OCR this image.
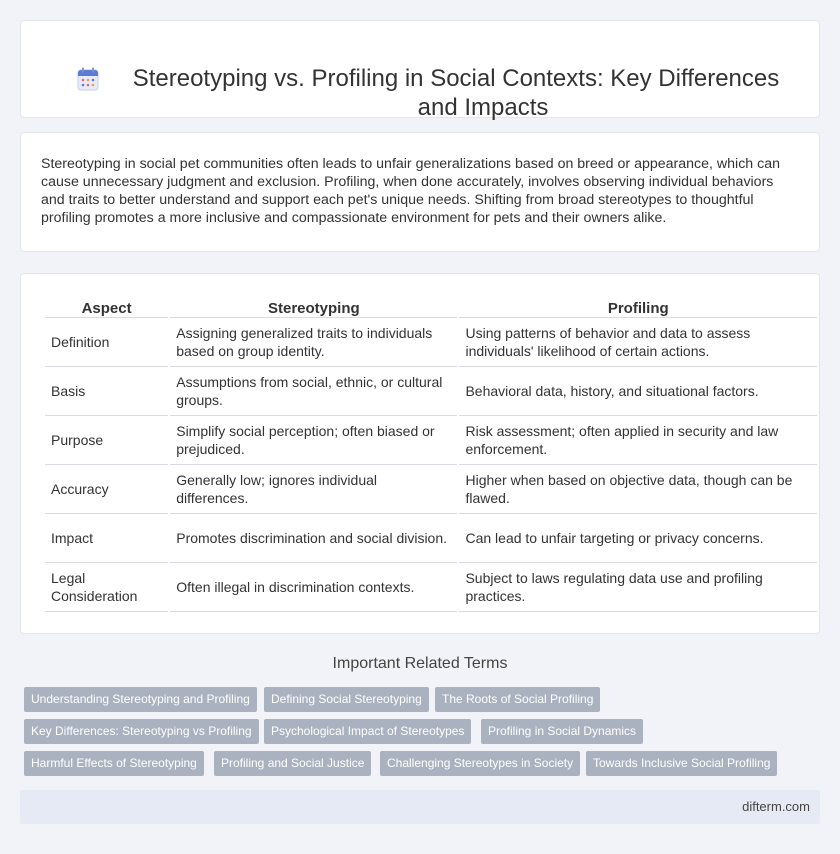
Stereotyping vs. Profiling in Social Contexts: Key Differences and Impacts

Stereotyping in social pet communities often leads to unfair generalizations based on breed or appearance, which can cause unnecessary judgment and exclusion. Profiling, when done accurately, involves observing individual behaviors and traits to better understand and support each pet's unique needs. Shifting from broad stereotypes to thoughtful profiling promotes a more inclusive and compassionate environment for pets and their owners alike.

Aspect	Stereotyping	Profiling
Definition	Assigning generalized traits to individuals based on group identity.	Using patterns of behavior and data to assess individuals' likelihood of certain actions.
Basis	Assumptions from social, ethnic, or cultural groups.	Behavioral data, history, and situational factors.
Purpose	Simplify social perception; often biased or prejudiced.	Risk assessment; often applied in security and law enforcement.
Accuracy	Generally low; ignores individual differences.	Higher when based on objective data, though can be flawed.
Impact	Promotes discrimination and social division.	Can lead to unfair targeting or privacy concerns.
Legal Consideration	Often illegal in discrimination contexts.	Subject to laws regulating data use and profiling practices.
Important Related Terms
Understanding Stereotyping and Profiling	Defining Social Stereotyping	The Roots of Social Profiling
Key Differences: Stereotyping vs Profiling	Psychological Impact of Stereotypes	Profiling in Social Dynamics
Harmful Effects of Stereotyping	Profiling and Social Justice	Challenging Stereotypes in Society	Towards Inclusive Social Profiling
difterm.com
